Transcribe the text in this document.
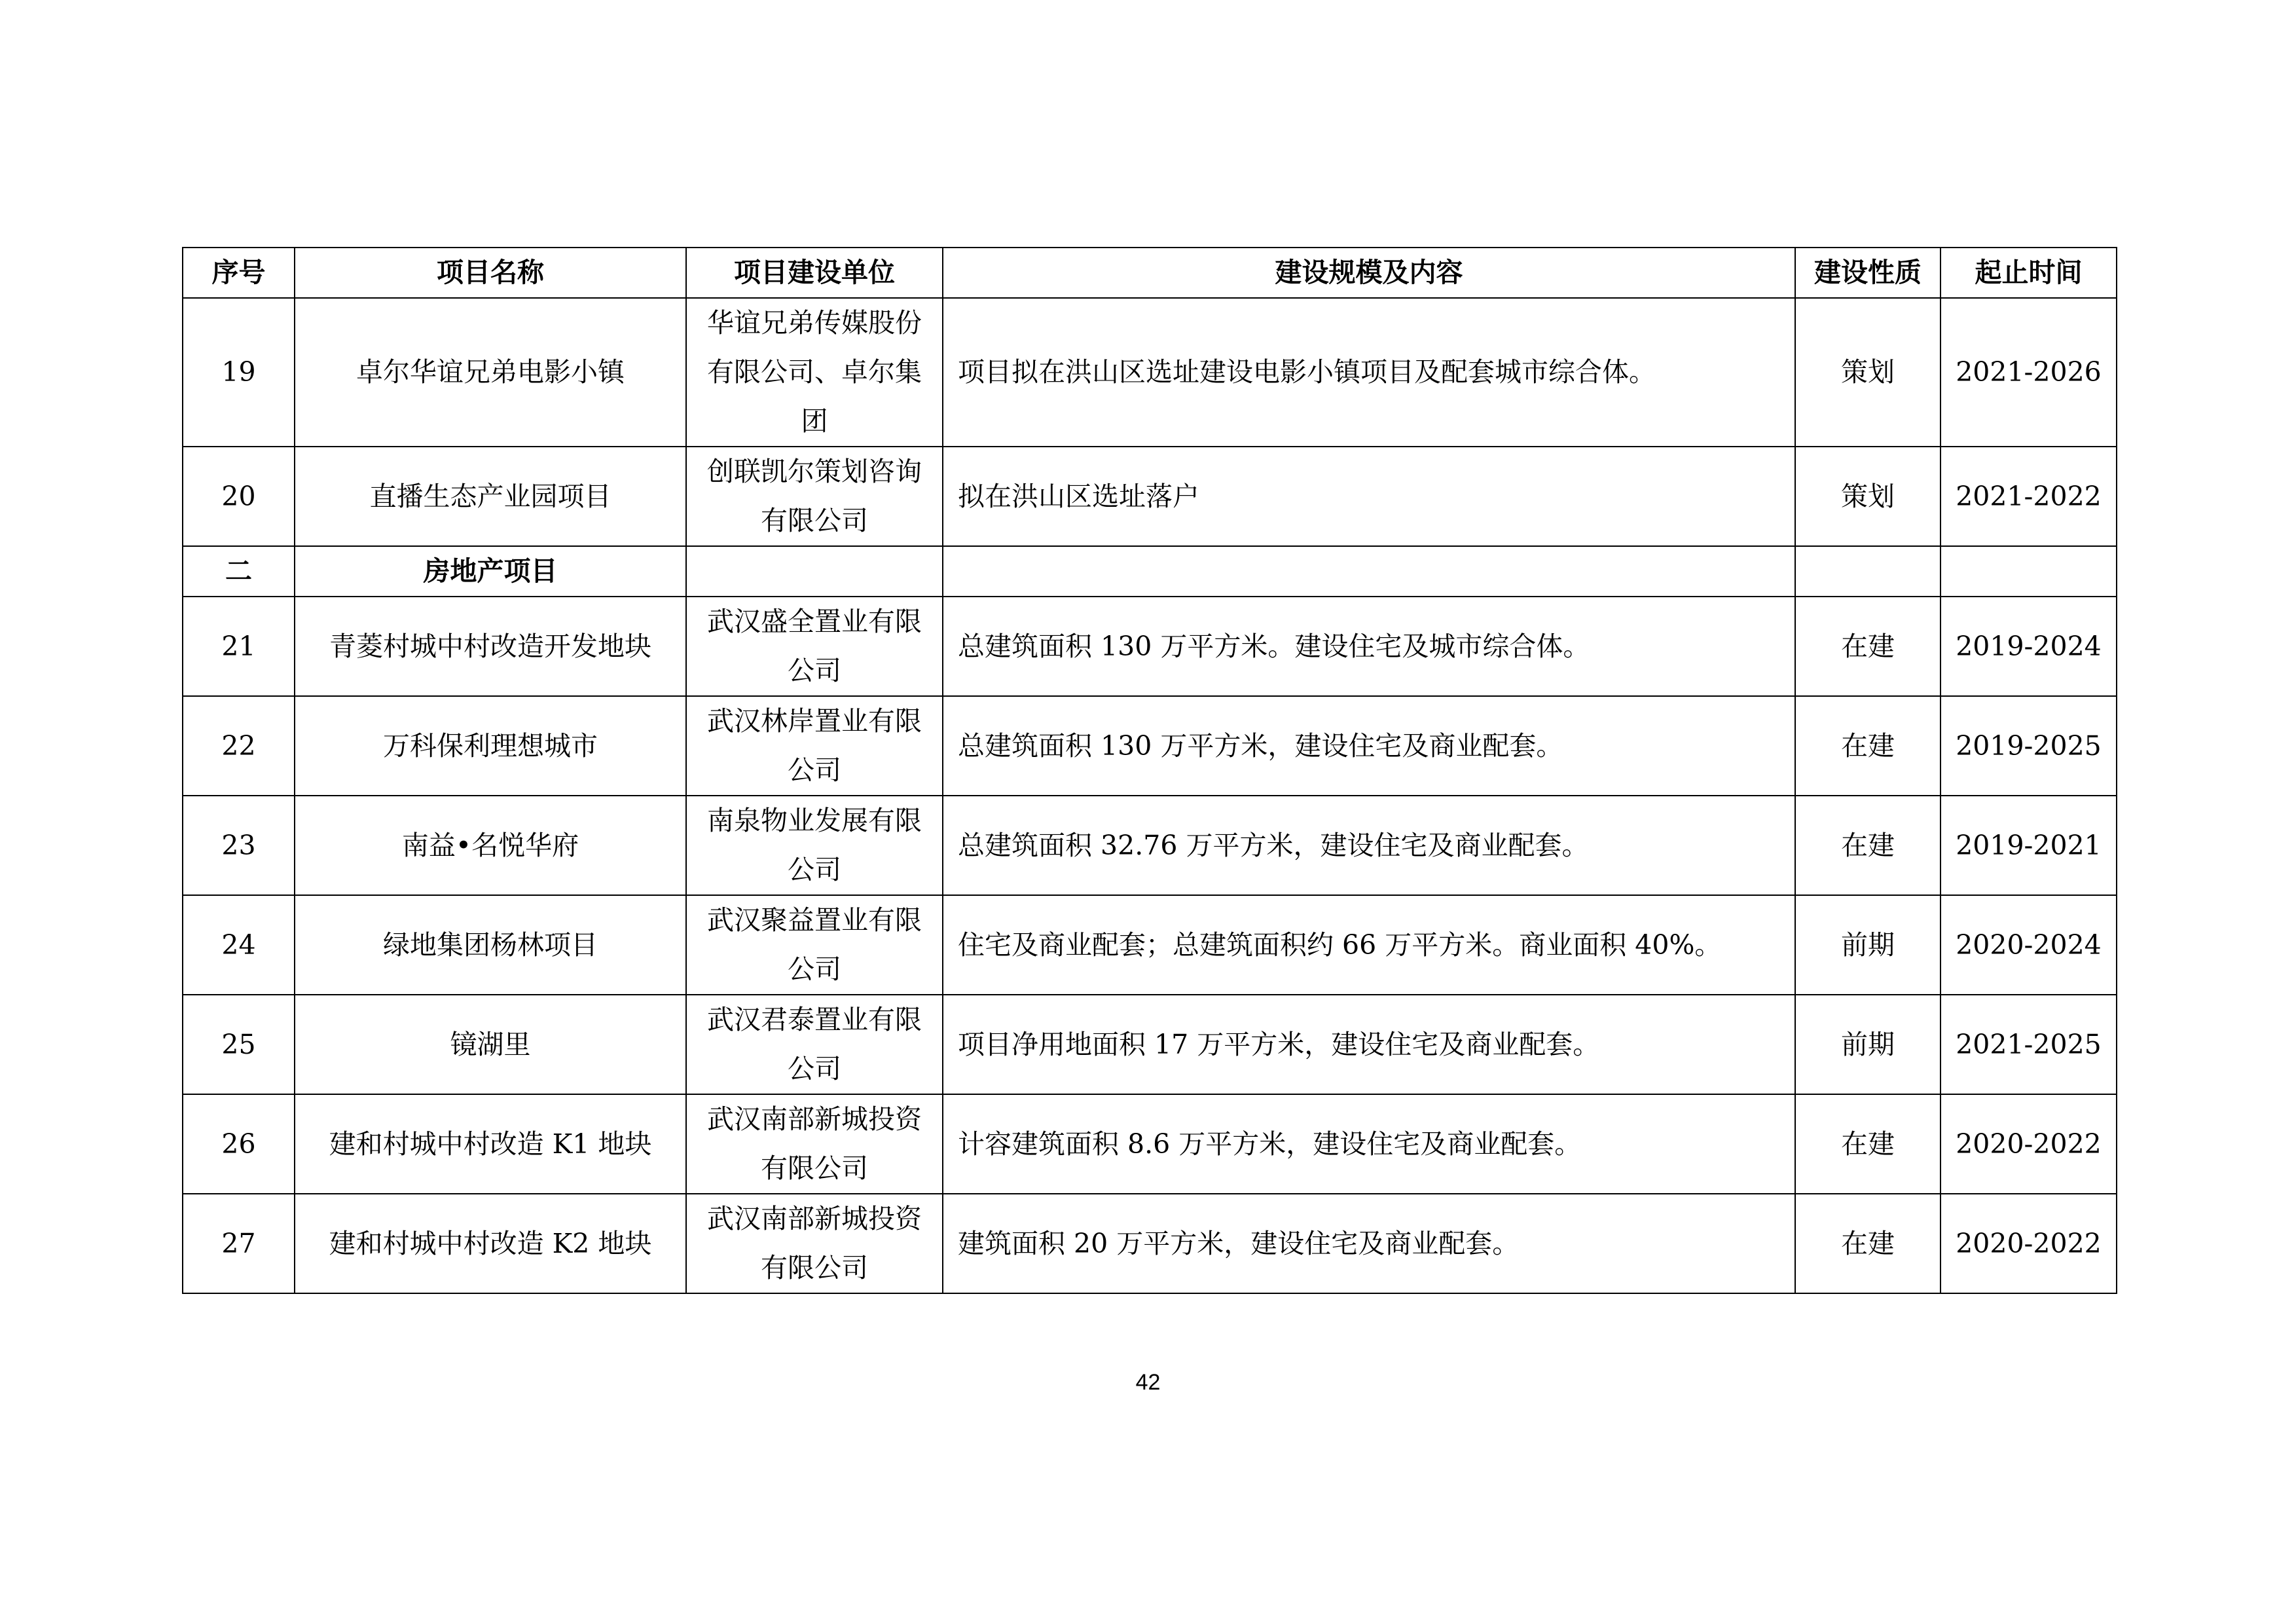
序号	项目名称	项目建设单位	建设规模及内容	建设性质	起止时间
19	卓尔华谊兄弟电影小镇	华谊兄弟传媒股份有限公司、卓尔集团	项目拟在洪山区选址建设电影小镇项目及配套城市综合体。	策划	2021-2026
20	直播生态产业园项目	创联凯尔策划咨询有限公司	拟在洪山区选址落户	策划	2021-2022
二	房地产项目				
21	青菱村城中村改造开发地块	武汉盛全置业有限公司	总建筑面积 130 万平方米。建设住宅及城市综合体。	在建	2019-2024
22	万科保利理想城市	武汉林岸置业有限公司	总建筑面积 130 万平方米，建设住宅及商业配套。	在建	2019-2025
23	南益•名悦华府	南泉物业发展有限公司	总建筑面积 32.76 万平方米，建设住宅及商业配套。	在建	2019-2021
24	绿地集团杨林项目	武汉聚益置业有限公司	住宅及商业配套；总建筑面积约 66 万平方米。商业面积 40%。	前期	2020-2024
25	镜湖里	武汉君泰置业有限公司	项目净用地面积 17 万平方米，建设住宅及商业配套。	前期	2021-2025
26	建和村城中村改造 K1 地块	武汉南部新城投资有限公司	计容建筑面积 8.6 万平方米，建设住宅及商业配套。	在建	2020-2022
27	建和村城中村改造 K2 地块	武汉南部新城投资有限公司	建筑面积 20 万平方米，建设住宅及商业配套。	在建	2020-2022
42
